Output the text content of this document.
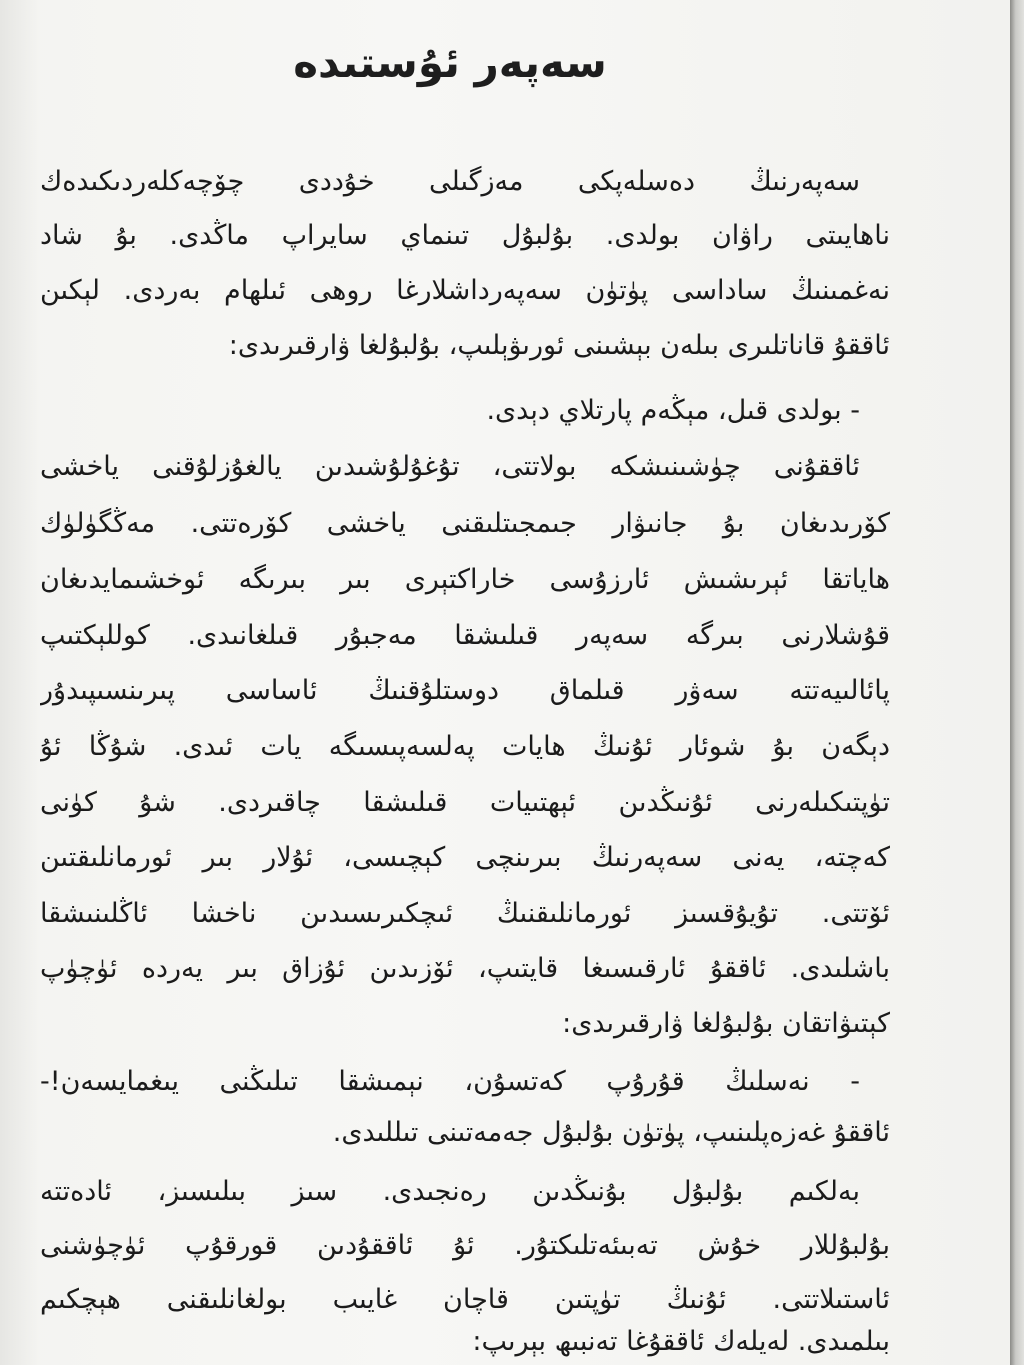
سەپەر ئۇستىدە
سەپەرنىڭ دەسلەپكى مەزگىلى خۇددى چۆچەكلەردىكىدەك
ناھايىتى راۋان بولدى. بۇلبۇل تىنماي سايراپ ماڭدى. بۇ شاد
نەغمىنىڭ ساداسى پۈتۈن سەپەرداشلارغا روھى ئىلھام بەردى. لېكىن
ئاققۇ قاناتلىرى بىلەن بېشىنى ئورىۋېلىپ، بۇلبۇلغا ۋارقىرىدى:
- بولدى قىل، مېڭەم پارتلاي دېدى.
ئاققۇنى چۈشىنىشكە بولاتتى، تۇغۇلۇشىدىن يالغۇزلۇقنى ياخشى
كۆرىدىغان بۇ جانىۋار جىمجىتلىقنى ياخشى كۆرەتتى. مەڭگۈلۈك
ھاياتقا ئېرىشىش ئارزۇسى خاراكتېرى بىر بىرىگە ئوخشىمايدىغان
قۇشلارنى بىرگە سەپەر قىلىشقا مەجبۇر قىلغانىدى. كوللېكتىپ
پائالىيەتتە سەۋر قىلماق دوستلۇقنىڭ ئاساسى پىرىنسىپىدۇر
دېگەن بۇ شوئار ئۇنىڭ ھايات پەلسەپىسىگە يات ئىدى. شۇڭا ئۇ
تۈپتىكىلەرنى ئۇنىڭدىن ئېھتىيات قىلىشقا چاقىردى. شۇ كۈنى
كەچتە، يەنى سەپەرنىڭ بىرىنچى كېچىسى، ئۇلار بىر ئورمانلىقتىن
ئۆتتى. تۇيۇقسىز ئورمانلىقنىڭ ئىچكىرىسىدىن ناخشا ئاڭلىنىشقا
باشلىدى. ئاققۇ ئارقىسىغا قايتىپ، ئۆزىدىن ئۇزاق بىر يەردە ئۈچۈپ
كېتىۋاتقان بۇلبۇلغا ۋارقىرىدى:
- نەسلىڭ قۇرۇپ كەتسۇن، نېمىشقا تىلىڭنى يىغمايسەن!-
ئاققۇ غەزەپلىنىپ، پۈتۈن بۇلبۇل جەمەتىنى تىللىدى.
بەلكىم بۇلبۇل بۇنىڭدىن رەنجىدى. سىز بىلىسىز، ئادەتتە
بۇلبۇللار خۇش تەبىئەتلىكتۇر. ئۇ ئاققۇدىن قورقۇپ ئۈچۈشنى
ئاستىلاتتى. ئۇنىڭ تۈپتىن قاچان غايىب بولغانلىقنى ھېچكىم
بىلمىدى. لەيلەك ئاققۇغا تەنبىھ بېرىپ:
